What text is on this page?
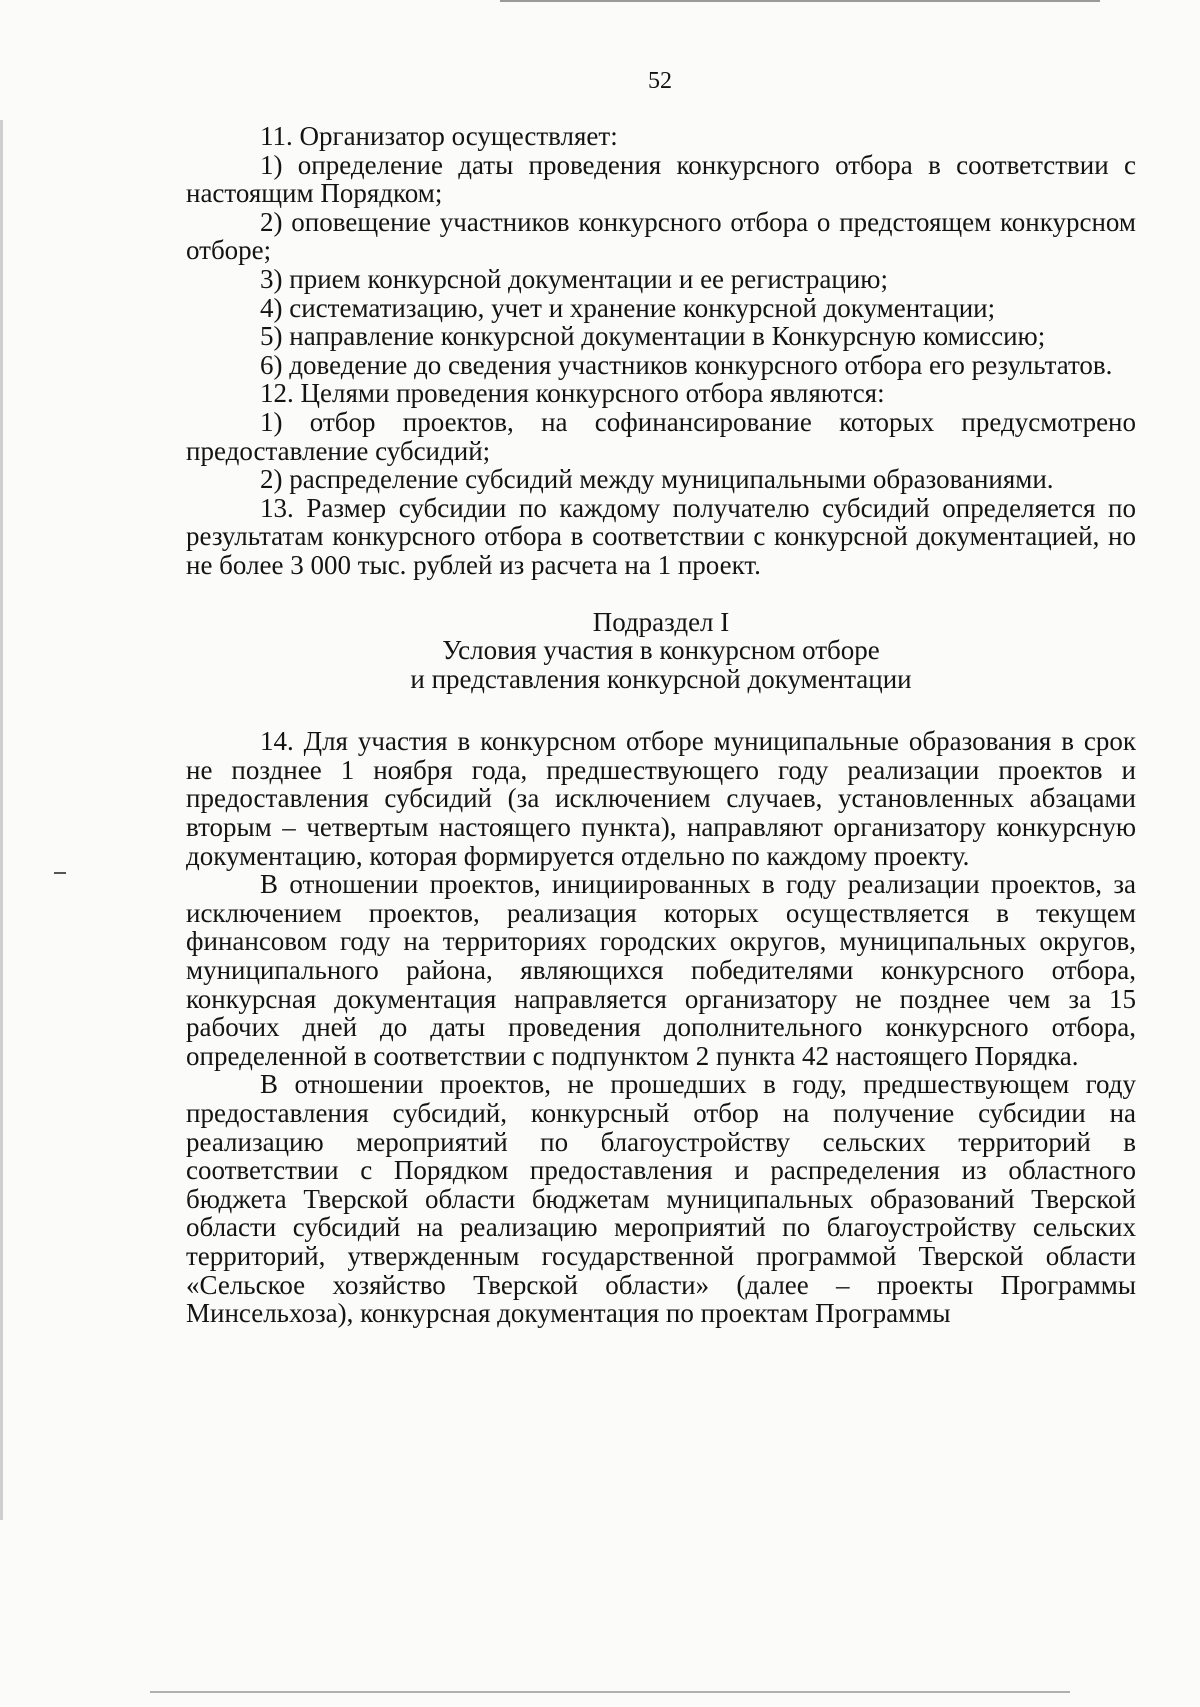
52

11. Организатор осуществляет:

1) определение даты проведения конкурсного отбора в соответствии с настоящим Порядком;

2) оповещение участников конкурсного отбора о предстоящем конкурсном отборе;

3) прием конкурсной документации и ее регистрацию;

4) систематизацию, учет и хранение конкурсной документации;

5) направление конкурсной документации в Конкурсную комиссию;

6) доведение до сведения участников конкурсного отбора его результатов.

12. Целями проведения конкурсного отбора являются:

1) отбор проектов, на софинансирование которых предусмотрено предоставление субсидий;

2) распределение субсидий между муниципальными образованиями.

13. Размер субсидии по каждому получателю субсидий определяется по результатам конкурсного отбора в соответствии с конкурсной документацией, но не более 3 000 тыс. рублей из расчета на 1 проект.

Подраздел I

Условия участия в конкурсном отборе

и представления конкурсной документации

14. Для участия в конкурсном отборе муниципальные образования в срок не позднее 1 ноября года, предшествующего году реализации проектов и предоставления субсидий (за исключением случаев, установленных абзацами вторым – четвертым настоящего пункта), направляют организатору конкурсную документацию, которая формируется отдельно по каждому проекту.

В отношении проектов, инициированных в году реализации проектов, за исключением проектов, реализация которых осуществляется в текущем финансовом году на территориях городских округов, муниципальных округов, муниципального района, являющихся победителями конкурсного отбора, конкурсная документация направляется организатору не позднее чем за 15 рабочих дней до даты проведения дополнительного конкурсного отбора, определенной в соответствии с подпунктом 2 пункта 42 настоящего Порядка.

В отношении проектов, не прошедших в году, предшествующем году предоставления субсидий, конкурсный отбор на получение субсидии на реализацию мероприятий по благоустройству сельских территорий в соответствии с Порядком предоставления и распределения из областного бюджета Тверской области бюджетам муниципальных образований Тверской области субсидий на реализацию мероприятий по благоустройству сельских территорий, утвержденным государственной программой Тверской области «Сельское хозяйство Тверской области» (далее – проекты Программы Минсельхоза), конкурсная документация по проектам Программы
